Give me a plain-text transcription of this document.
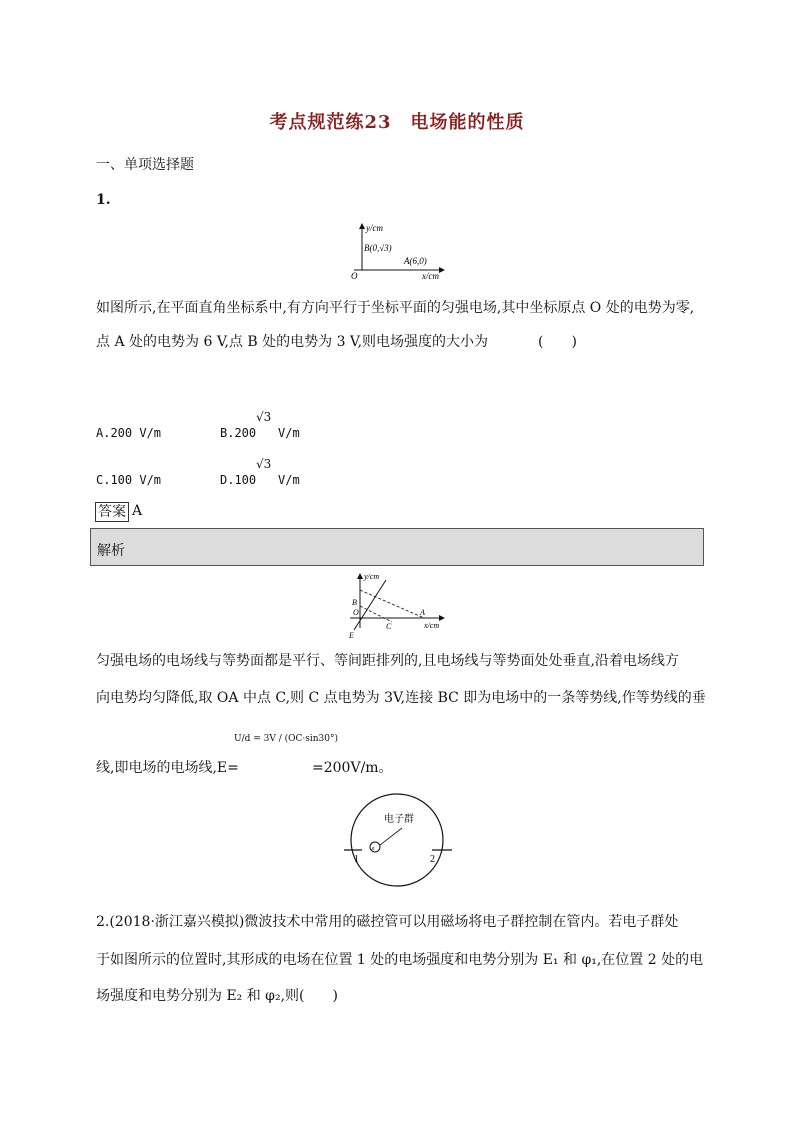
考点规范练23　电场能的性质
一、单项选择题
1.
y/cm
x/cm
O
B(0,√3)
A(6,0)
如图所示,在平面直角坐标系中,有方向平行于坐标平面的匀强电场,其中坐标原点 O 处的电势为零,
点 A 处的电势为 6 V,点 B 处的电势为 3 V,则电场强度的大小为	(　　)
A.200 V/m	B.200
√3
V/m
C.100 V/m	D.100
√3
V/m
答案 A
解析
y/cm
x/cm
B
O	A
C
E
匀强电场的电场线与等势面都是平行、等间距排列的,且电场线与等势面处处垂直,沿着电场线方
向电势均匀降低,取 OA 中点 C,则 C 点电势为 3V,连接 BC 即为电场中的一条等势线,作等势线的垂
U/d = 3V / (OC·sin30°)
线,即电场的电场线,E=	=200V/m。
e
电子群
1	2
2.(2018·浙江嘉兴模拟)微波技术中常用的磁控管可以用磁场将电子群控制在管内。若电子群处
于如图所示的位置时,其形成的电场在位置 1 处的电场强度和电势分别为 E₁ 和 φ₁,在位置 2 处的电
场强度和电势分别为 E₂ 和 φ₂,则(　　)
